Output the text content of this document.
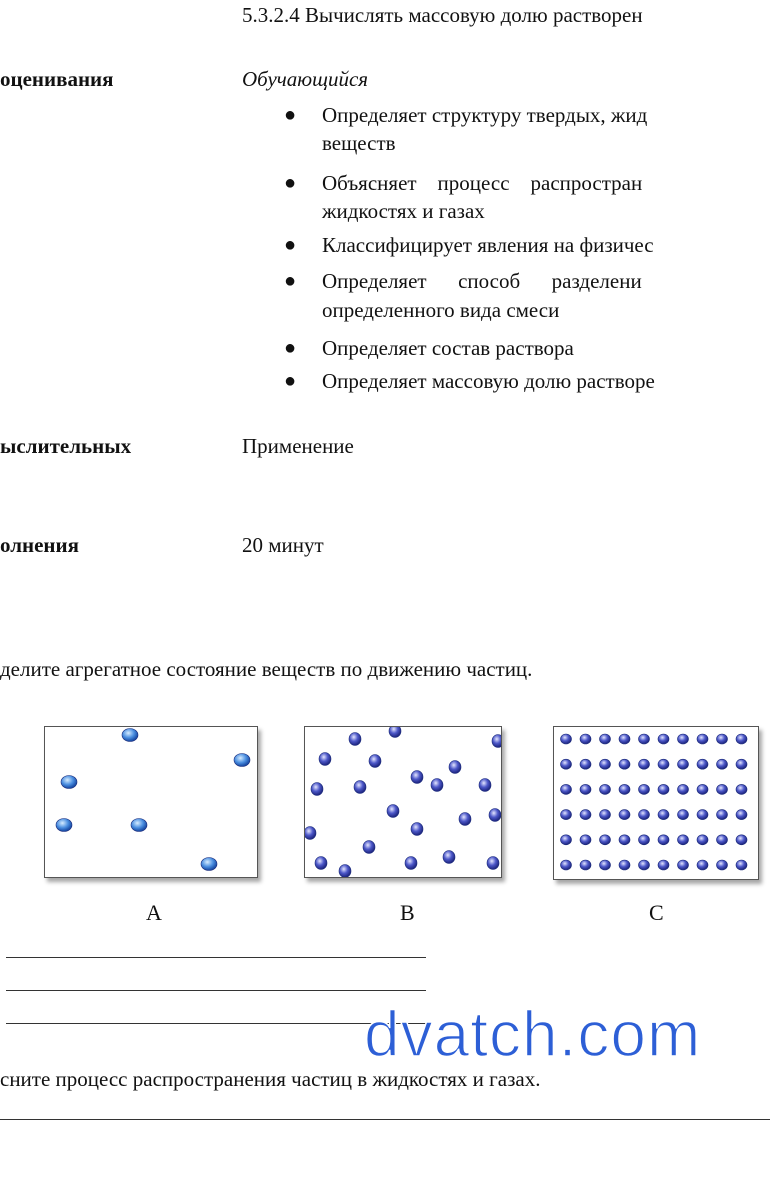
5.3.2.4 Вычислять массовую долю растворен
оценивания	Обучающийся
● Определяет структуру твердых, жид
веществ
● Объясняет    процесс    распростран
жидкостях и газах
● Классифицирует явления на физичес
● Определяет      способ      разделени
определенного вида смеси
● Определяет состав раствора
● Определяет массовую долю растворе
ыслительных	Применение
олнения	20 минут
делите агрегатное состояние веществ по движению частиц.
A	B	C
сните процесс распространения частиц в жидкостях и газах.
dvatch.com
